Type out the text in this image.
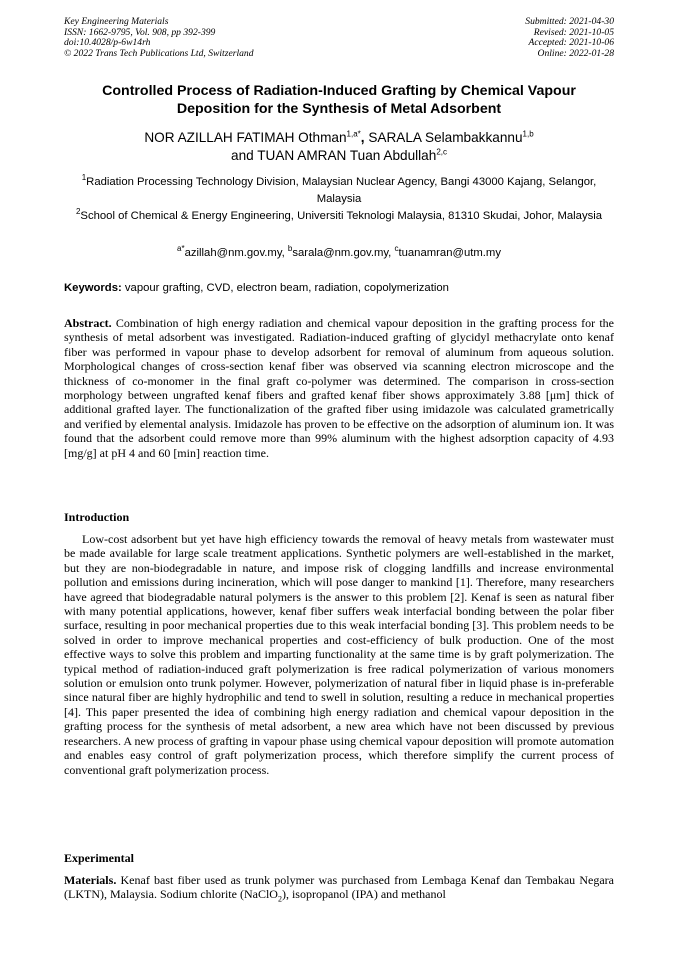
Key Engineering Materials
ISSN: 1662-9795, Vol. 908, pp 392-399
doi:10.4028/p-6w14rh
© 2022 Trans Tech Publications Ltd, Switzerland
Submitted: 2021-04-30
Revised: 2021-10-05
Accepted: 2021-10-06
Online: 2022-01-28
Controlled Process of Radiation-Induced Grafting by Chemical Vapour Deposition for the Synthesis of Metal Adsorbent
NOR AZILLAH FATIMAH Othman$^{1,a*}$, SARALA Selambakkannu$^{1,b}$
and TUAN AMRAN Tuan Abdullah$^{2,c}$
$^1$Radiation Processing Technology Division, Malaysian Nuclear Agency, Bangi 43000 Kajang, Selangor, Malaysia
$^2$School of Chemical & Energy Engineering, Universiti Teknologi Malaysia, 81310 Skudai, Johor, Malaysia
$^{a*}$azillah@nm.gov.my, $^b$sarala@nm.gov.my, $^c$tuanamran@utm.my
Keywords: vapour grafting, CVD, electron beam, radiation, copolymerization
Abstract. Combination of high energy radiation and chemical vapour deposition in the grafting process for the synthesis of metal adsorbent was investigated. Radiation-induced grafting of glycidyl methacrylate onto kenaf fiber was performed in vapour phase to develop adsorbent for removal of aluminum from aqueous solution. Morphological changes of cross-section kenaf fiber was observed via scanning electron microscope and the thickness of co-monomer in the final graft co-polymer was determined. The comparison in cross-section morphology between ungrafted kenaf fibers and grafted kenaf fiber shows approximately 3.88 [μm] thick of additional grafted layer. The functionalization of the grafted fiber using imidazole was calculated grametrically and verified by elemental analysis. Imidazole has proven to be effective on the adsorption of aluminum ion. It was found that the adsorbent could remove more than 99% aluminum with the highest adsorption capacity of 4.93 [mg/g] at pH 4 and 60 [min] reaction time.
Introduction
Low-cost adsorbent but yet have high efficiency towards the removal of heavy metals from wastewater must be made available for large scale treatment applications. Synthetic polymers are well-established in the market, but they are non-biodegradable in nature, and impose risk of clogging landfills and increase environmental pollution and emissions during incineration, which will pose danger to mankind [1]. Therefore, many researchers have agreed that biodegradable natural polymers is the answer to this problem [2]. Kenaf is seen as natural fiber with many potential applications, however, kenaf fiber suffers weak interfacial bonding between the polar fiber surface, resulting in poor mechanical properties due to this weak interfacial bonding [3]. This problem needs to be solved in order to improve mechanical properties and cost-efficiency of bulk production. One of the most effective ways to solve this problem and imparting functionality at the same time is by graft polymerization. The typical method of radiation-induced graft polymerization is free radical polymerization of various monomers solution or emulsion onto trunk polymer. However, polymerization of natural fiber in liquid phase is in-preferable since natural fiber are highly hydrophilic and tend to swell in solution, resulting a reduce in mechanical properties [4]. This paper presented the idea of combining high energy radiation and chemical vapour deposition in the grafting process for the synthesis of metal adsorbent, a new area which have not been discussed by previous researchers. A new process of grafting in vapour phase using chemical vapour deposition will promote automation and enables easy control of graft polymerization process, which therefore simplify the current process of conventional graft polymerization process.
Experimental
Materials. Kenaf bast fiber used as trunk polymer was purchased from Lembaga Kenaf dan Tembakau Negara (LKTN), Malaysia. Sodium chlorite (NaClO$_2$), isopropanol (IPA) and methanol
